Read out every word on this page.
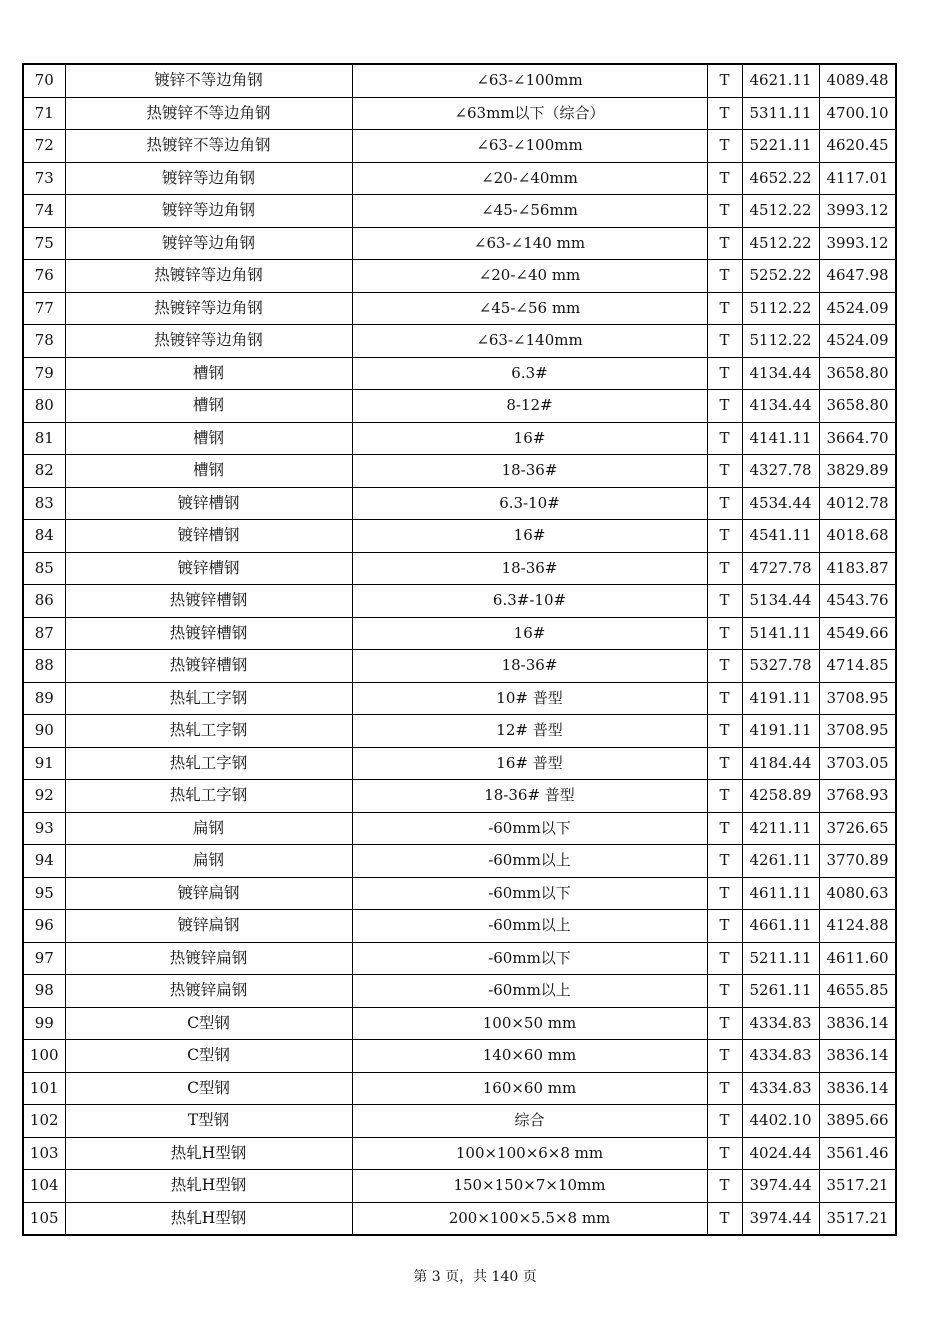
70	镀锌不等边角钢	∠63-∠100mm	T	4621.11	4089.48
71	热镀锌不等边角钢	∠63mm以下（综合）	T	5311.11	4700.10
72	热镀锌不等边角钢	∠63-∠100mm	T	5221.11	4620.45
73	镀锌等边角钢	∠20-∠40mm	T	4652.22	4117.01
74	镀锌等边角钢	∠45-∠56mm	T	4512.22	3993.12
75	镀锌等边角钢	∠63-∠140 mm	T	4512.22	3993.12
76	热镀锌等边角钢	∠20-∠40 mm	T	5252.22	4647.98
77	热镀锌等边角钢	∠45-∠56 mm	T	5112.22	4524.09
78	热镀锌等边角钢	∠63-∠140mm	T	5112.22	4524.09
79	槽钢	6.3#	T	4134.44	3658.80
80	槽钢	8-12#	T	4134.44	3658.80
81	槽钢	16#	T	4141.11	3664.70
82	槽钢	18-36#	T	4327.78	3829.89
83	镀锌槽钢	6.3-10#	T	4534.44	4012.78
84	镀锌槽钢	16#	T	4541.11	4018.68
85	镀锌槽钢	18-36#	T	4727.78	4183.87
86	热镀锌槽钢	6.3#-10#	T	5134.44	4543.76
87	热镀锌槽钢	16#	T	5141.11	4549.66
88	热镀锌槽钢	18-36#	T	5327.78	4714.85
89	热轧工字钢	10# 普型	T	4191.11	3708.95
90	热轧工字钢	12# 普型	T	4191.11	3708.95
91	热轧工字钢	16# 普型	T	4184.44	3703.05
92	热轧工字钢	18-36# 普型	T	4258.89	3768.93
93	扁钢	-60mm以下	T	4211.11	3726.65
94	扁钢	-60mm以上	T	4261.11	3770.89
95	镀锌扁钢	-60mm以下	T	4611.11	4080.63
96	镀锌扁钢	-60mm以上	T	4661.11	4124.88
97	热镀锌扁钢	-60mm以下	T	5211.11	4611.60
98	热镀锌扁钢	-60mm以上	T	5261.11	4655.85
99	C型钢	100×50 mm	T	4334.83	3836.14
100	C型钢	140×60 mm	T	4334.83	3836.14
101	C型钢	160×60 mm	T	4334.83	3836.14
102	T型钢	综合	T	4402.10	3895.66
103	热轧H型钢	100×100×6×8 mm	T	4024.44	3561.46
104	热轧H型钢	150×150×7×10mm	T	3974.44	3517.21
105	热轧H型钢	200×100×5.5×8 mm	T	3974.44	3517.21
第 3 页，共 140 页
